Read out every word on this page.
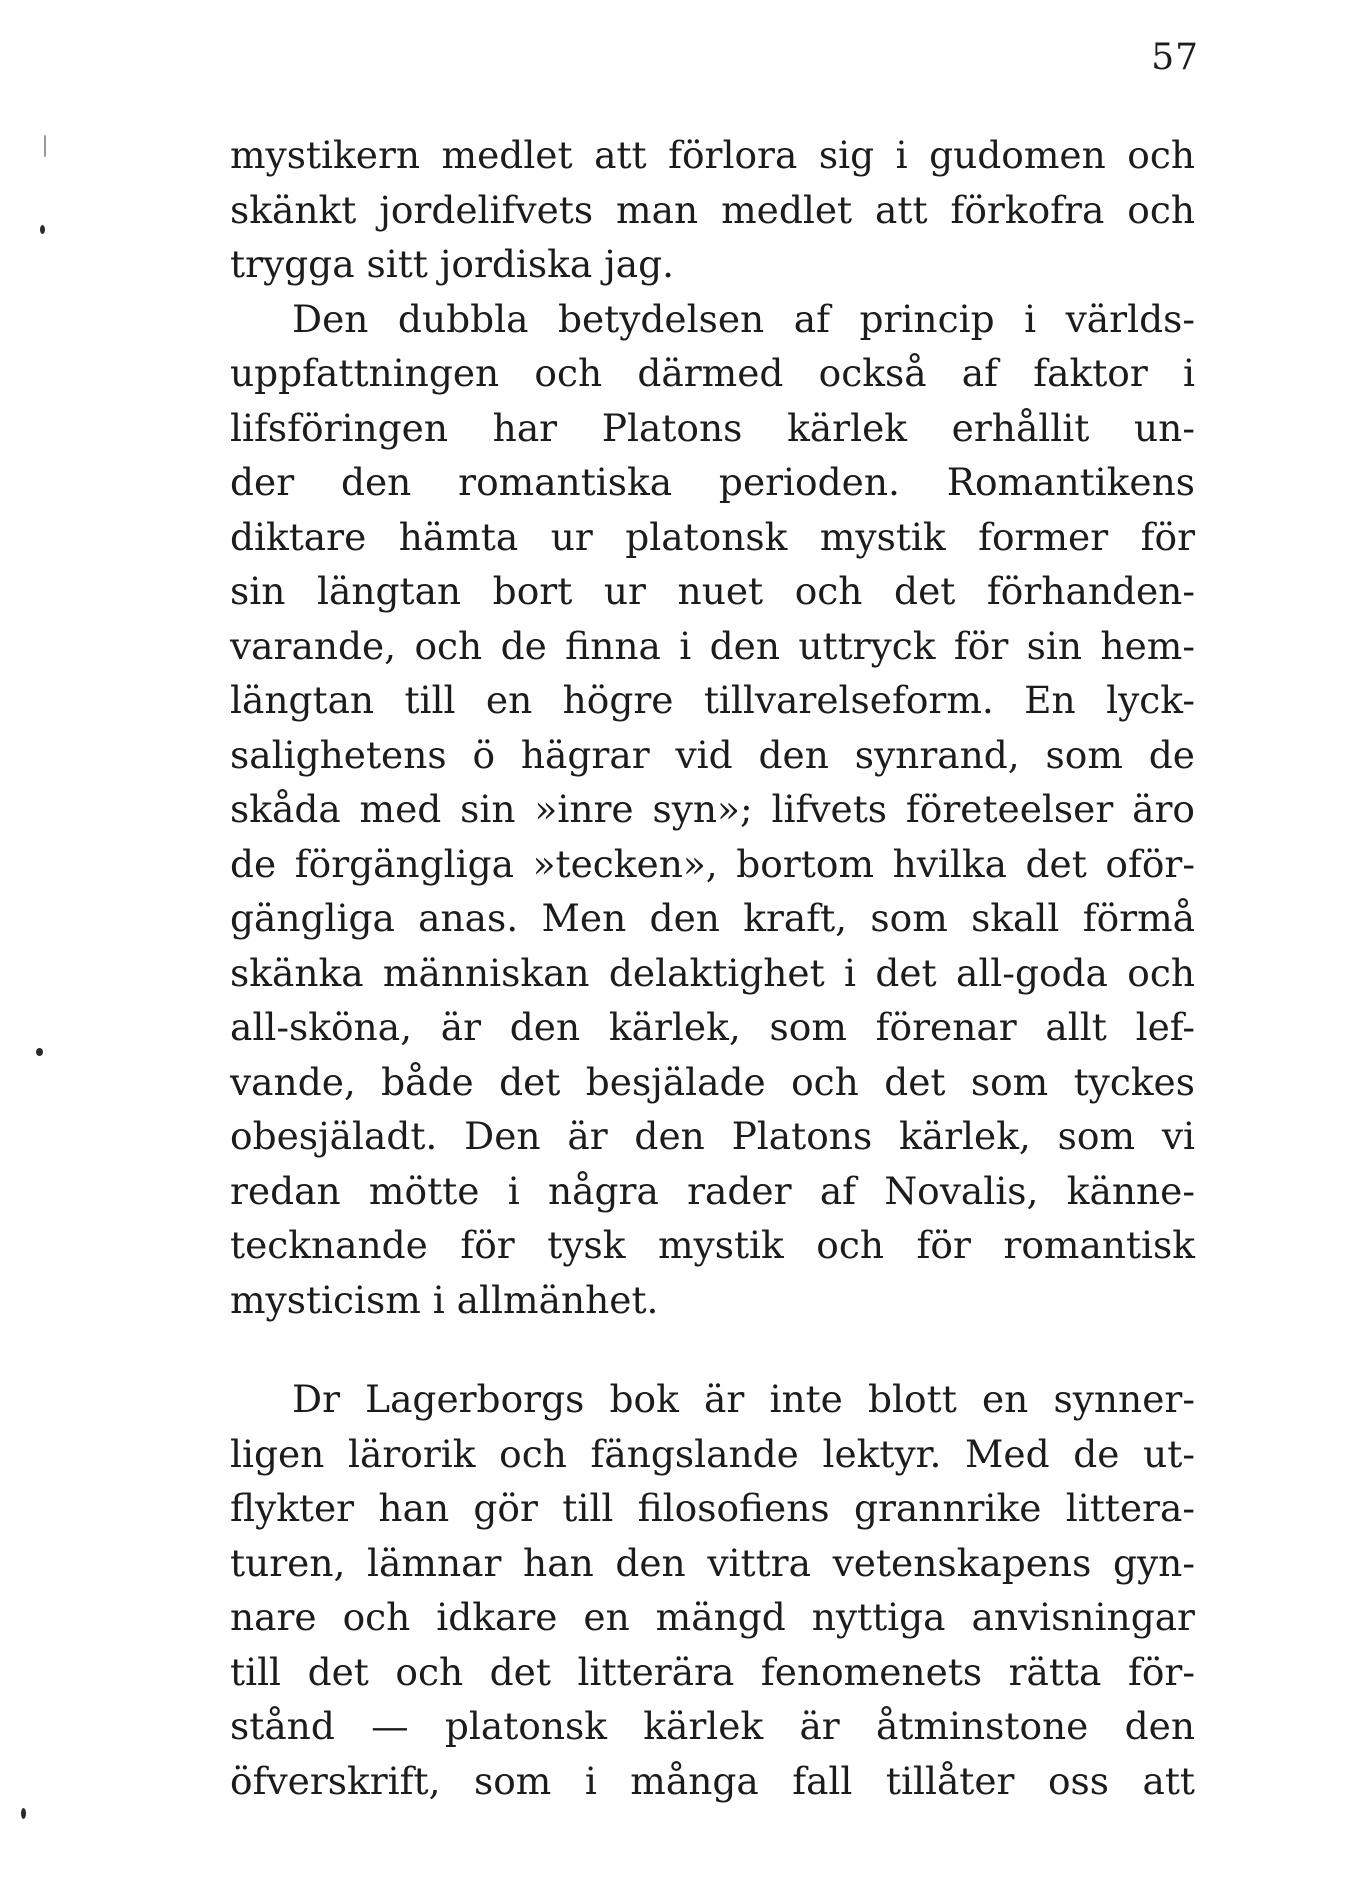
57
mystikern medlet att förlora sig i gudomen och
skänkt jordelifvets man medlet att förkofra och
trygga sitt jordiska jag.
Den dubbla betydelsen af princip i världs-
uppfattningen och därmed också af faktor i
lifsföringen har Platons kärlek erhållit un-
der den romantiska perioden. Romantikens
diktare hämta ur platonsk mystik former för
sin längtan bort ur nuet och det förhanden-
varande, och de finna i den uttryck för sin hem-
längtan till en högre tillvarelseform. En lyck-
salighetens ö hägrar vid den synrand, som de
skåda med sin »inre syn»; lifvets företeelser äro
de förgängliga »tecken», bortom hvilka det oför-
gängliga anas. Men den kraft, som skall förmå
skänka människan delaktighet i det all-goda och
all-sköna, är den kärlek, som förenar allt lef-
vande, både det besjälade och det som tyckes
obesjäladt. Den är den Platons kärlek, som vi
redan mötte i några rader af Novalis, känne-
tecknande för tysk mystik och för romantisk
mysticism i allmänhet.
Dr Lagerborgs bok är inte blott en synner-
ligen lärorik och fängslande lektyr. Med de ut-
flykter han gör till filosofiens grannrike littera-
turen, lämnar han den vittra vetenskapens gyn-
nare och idkare en mängd nyttiga anvisningar
till det och det litterära fenomenets rätta för-
stånd — platonsk kärlek är åtminstone den
öfverskrift, som i många fall tillåter oss att
